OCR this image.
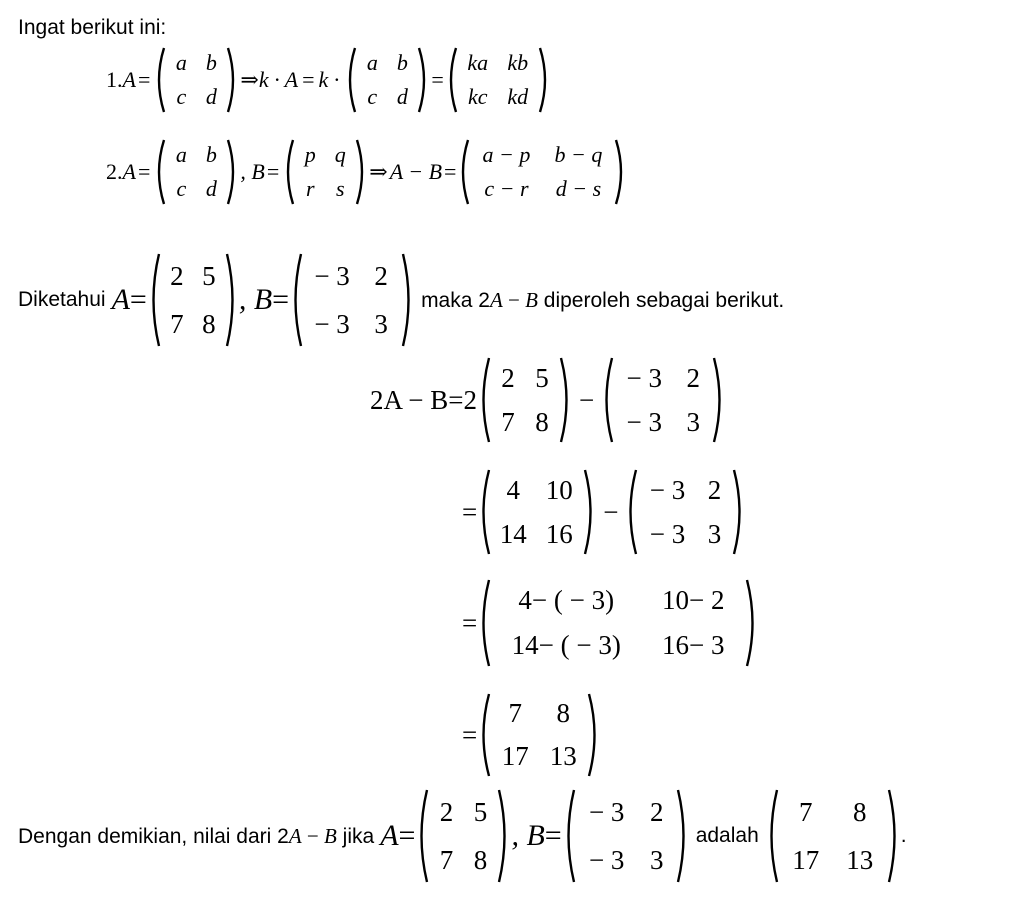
Ingat berikut ini:
1. A =
a b
c d
⇒ k · A = k ·
a b
c d
=
ka kb
kc kd
2. A =
a b
c d
, B =
p q
r s
⇒ A − B =
a − p b − q
c − r d − s
Diketahui A =
2 5
7 8
, B =
− 3 2
− 3 3
maka 2A − B diperoleh sebagai berikut.
2A − B = 2
2 5
7 8
−
− 3 2
− 3 3
=
4 10
14 16
−
− 3 2
− 3 3
=
4− ( − 3) 10− 2
14− ( − 3) 16− 3
=
7 8
17 13
Dengan demikian, nilai dari 2A − B jika A =
2 5
7 8
, B =
− 3 2
− 3 3
adalah
7 8
17 13
.
